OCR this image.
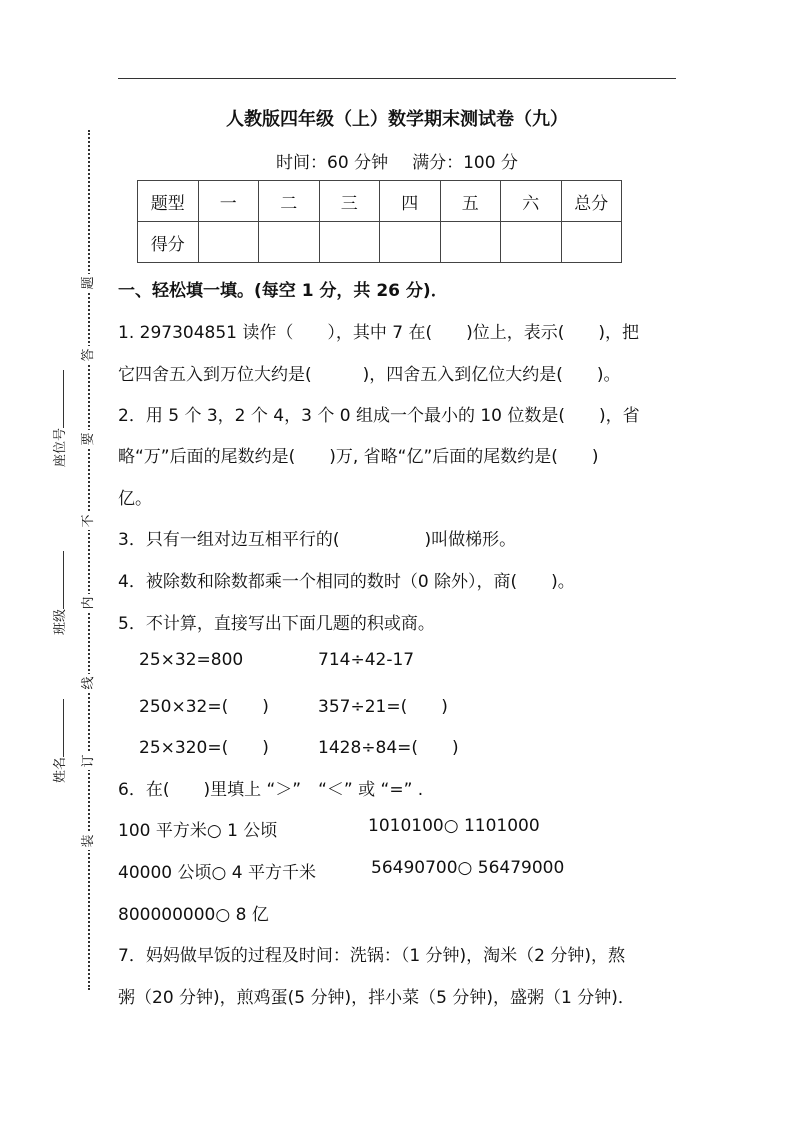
题
答
要
不
内
线
订
装
座位号
班级
姓名
人教版四年级（上）数学期末测试卷（九）
时间：60 分钟 满分：100 分
题型	一	二	三	四	五	六	总分
得分							
一、轻松填一填。(每空 1 分，共 26 分)．
1. 297304851 读作（　　），其中 7 在(　　)位上，表示(　　)，把
它四舍五入到万位大约是(　　　)，四舍五入到亿位大约是(　　)。
2．用 5 个 3，2 个 4，3 个 0 组成一个最小的 10 位数是(　　)，省
略“万”后面的尾数约是(　　)万, 省略“亿”后面的尾数约是(　　)
亿。
3．只有一组对边互相平行的(　　　　　)叫做梯形。
4．被除数和除数都乘一个相同的数时（0 除外），商(　　)。
5．不计算，直接写出下面几题的积或商。
25×32=800	714÷42-17
250×32=(　　)	357÷21=(　　)
25×320=(　　)	1428÷84=(　　)
6．在(　　)里填上 “＞”　“＜” 或 “=” .
100 平方米○ 1 公顷	1010100○ 1101000
40000 公顷○ 4 平方千米	56490700○ 56479000
800000000○ 8 亿
7．妈妈做早饭的过程及时间：洗锅：（1 分钟)，淘米（2 分钟)，熬
粥（20 分钟)，煎鸡蛋(5 分钟)，拌小菜（5 分钟)，盛粥（1 分钟)．
